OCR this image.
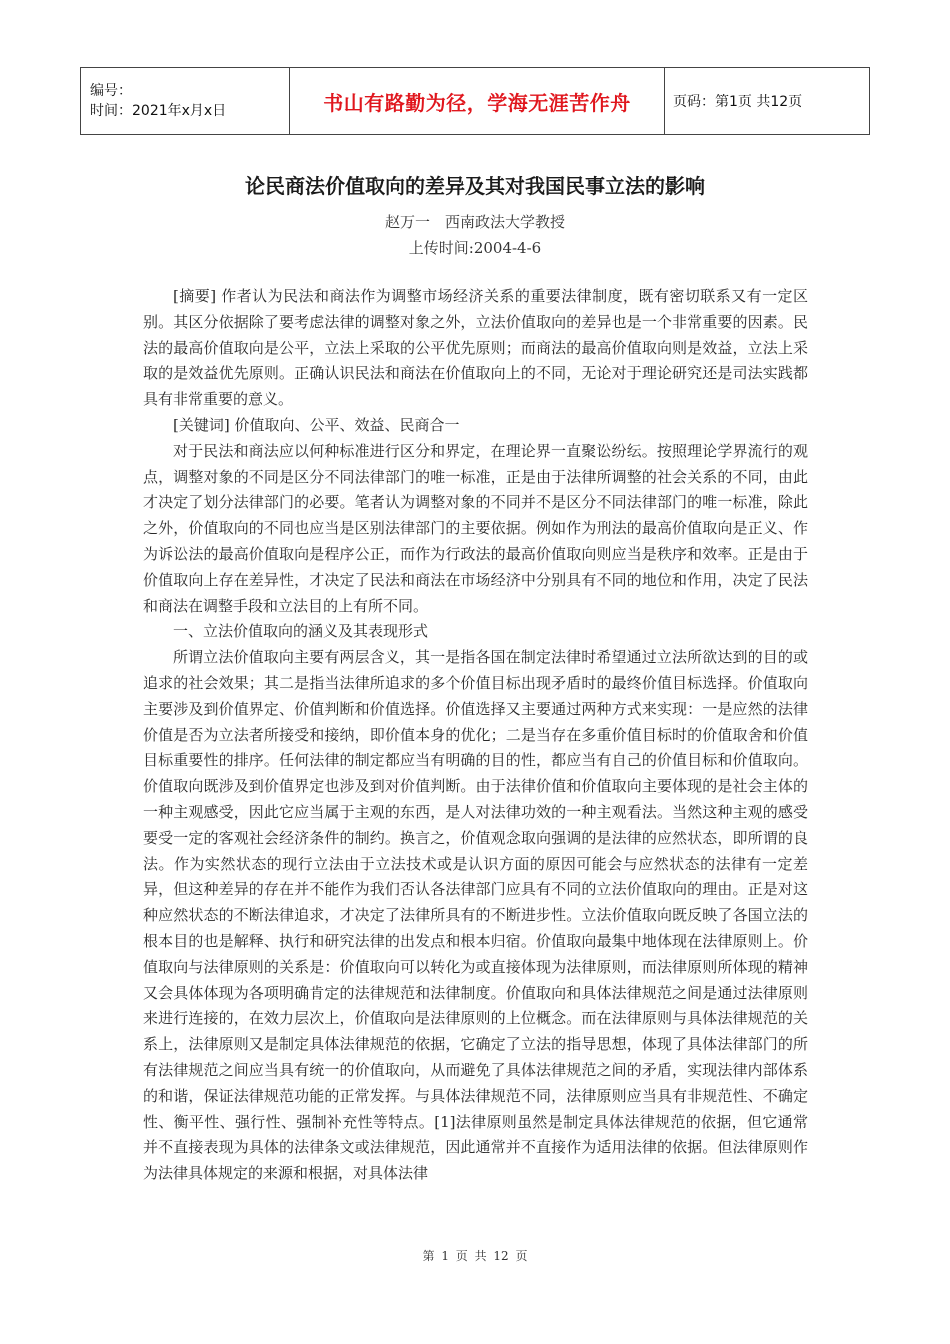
编号：
时间：2021年x月x日	书山有路勤为径，学海无涯苦作舟	页码：第1页 共12页
论民商法价值取向的差异及其对我国民事立法的影响
赵万一　西南政法大学教授
上传时间:2004-4-6

[摘要] 作者认为民法和商法作为调整市场经济关系的重要法律制度，既有密切联系又有一定区别。其区分依据除了要考虑法律的调整对象之外，立法价值取向的差异也是一个非常重要的因素。民法的最高价值取向是公平，立法上采取的公平优先原则；而商法的最高价值取向则是效益，立法上采取的是效益优先原则。正确认识民法和商法在价值取向上的不同，无论对于理论研究还是司法实践都具有非常重要的意义。

[关键词] 价值取向、公平、效益、民商合一

对于民法和商法应以何种标准进行区分和界定，在理论界一直聚讼纷纭。按照理论学界流行的观点，调整对象的不同是区分不同法律部门的唯一标准，正是由于法律所调整的社会关系的不同，由此才决定了划分法律部门的必要。笔者认为调整对象的不同并不是区分不同法律部门的唯一标准，除此之外，价值取向的不同也应当是区别法律部门的主要依据。例如作为刑法的最高价值取向是正义、作为诉讼法的最高价值取向是程序公正，而作为行政法的最高价值取向则应当是秩序和效率。正是由于价值取向上存在差异性，才决定了民法和商法在市场经济中分别具有不同的地位和作用，决定了民法和商法在调整手段和立法目的上有所不同。

一、立法价值取向的涵义及其表现形式

所谓立法价值取向主要有两层含义，其一是指各国在制定法律时希望通过立法所欲达到的目的或追求的社会效果；其二是指当法律所追求的多个价值目标出现矛盾时的最终价值目标选择。价值取向主要涉及到价值界定、价值判断和价值选择。价值选择又主要通过两种方式来实现：一是应然的法律价值是否为立法者所接受和接纳，即价值本身的优化；二是当存在多重价值目标时的价值取舍和价值目标重要性的排序。任何法律的制定都应当有明确的目的性，都应当有自己的价值目标和价值取向。价值取向既涉及到价值界定也涉及到对价值判断。由于法律价值和价值取向主要体现的是社会主体的一种主观感受，因此它应当属于主观的东西，是人对法律功效的一种主观看法。当然这种主观的感受要受一定的客观社会经济条件的制约。换言之，价值观念取向强调的是法律的应然状态，即所谓的良法。作为实然状态的现行立法由于立法技术或是认识方面的原因可能会与应然状态的法律有一定差异，但这种差异的存在并不能作为我们否认各法律部门应具有不同的立法价值取向的理由。正是对这种应然状态的不断法律追求，才决定了法律所具有的不断进步性。立法价值取向既反映了各国立法的根本目的也是解释、执行和研究法律的出发点和根本归宿。价值取向最集中地体现在法律原则上。价值取向与法律原则的关系是：价值取向可以转化为或直接体现为法律原则，而法律原则所体现的精神又会具体体现为各项明确肯定的法律规范和法律制度。价值取向和具体法律规范之间是通过法律原则来进行连接的，在效力层次上，价值取向是法律原则的上位概念。而在法律原则与具体法律规范的关系上，法律原则又是制定具体法律规范的依据，它确定了立法的指导思想，体现了具体法律部门的所有法律规范之间应当具有统一的价值取向，从而避免了具体法律规范之间的矛盾，实现法律内部体系的和谐，保证法律规范功能的正常发挥。与具体法律规范不同，法律原则应当具有非规范性、不确定性、衡平性、强行性、强制补充性等特点。[1]法律原则虽然是制定具体法律规范的依据，但它通常并不直接表现为具体的法律条文或法律规范，因此通常并不直接作为适用法律的依据。但法律原则作为法律具体规定的来源和根据，对具体法律

第 1 页 共 12 页
